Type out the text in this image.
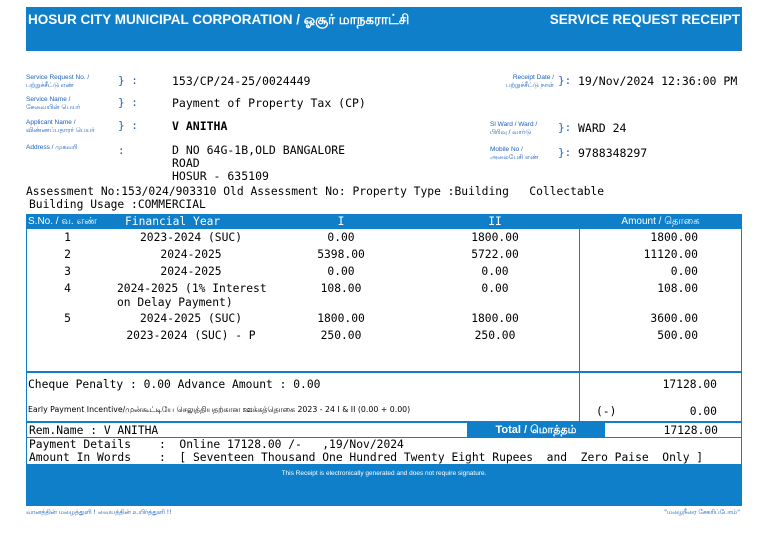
HOSUR CITY MUNICIPAL CORPORATION / ஓசூர் மாநகராட்சி	SERVICE REQUEST RECEIPT
Service Request No. /
பற்றுச்சீட்டு எண்	} :	153/CP/24-25/0024449
Service Name /
சேவையின் பெயர்	} :	Payment of Property Tax (CP)
Applicant Name /
விண்ணப்பதாரர் பெயர்	} :	V ANITHA
Address / முகவரி	:	D NO 64G-1B,OLD BANGALORE
ROAD
HOSUR - 635109
Receipt Date /
பற்றுச்சீட்டு நாள் }: 19/Nov/2024 12:36:00 PM
Sl Ward / Ward /
பிரிவு / வார்டு	}: WARD 24
Mobile No /
அலைபேசி எண்	}: 9788348297
Assessment No:153/024/903310 Old Assessment No: Property Type :Building   Collectable
Building Usage :COMMERCIAL
S.No. / வ. எண்	Financial Year	I	II	Amount / தொகை
1	2023-2024 (SUC)	0.00	1800.00	1800.00
2	2024-2025	5398.00	5722.00	11120.00
3	2024-2025	0.00	0.00	0.00
4	2024-2025 (1% Interest
on Delay Payment)	108.00	0.00	108.00
5	2024-2025 (SUC)	1800.00	1800.00	3600.00

	2023-2024 (SUC) - P	250.00	250.00	500.00
Cheque Penalty : 0.00 Advance Amount : 0.00	17128.00
Early Payment Incentive/முன்கூட்டியே செலுத்தியதற்கான ஊக்கத்தொகை 2023 - 24 I & II (0.00 + 0.00)	(-)	0.00
Rem.Name : V ANITHA	Total / மொத்தம்	17128.00
Payment Details	:  Online 17128.00 /-   ,19/Nov/2024
Amount In Words	:  [ Seventeen Thousand One Hundred Twenty Eight Rupees  and  Zero Paise  Only ]
This Receipt is electronically generated and does not require signature.
வானத்தின் மழைத்துளி ! வையத்தின் உயிர்த்துளி !!	"மழைநீரை சேகரிப்போம்"
